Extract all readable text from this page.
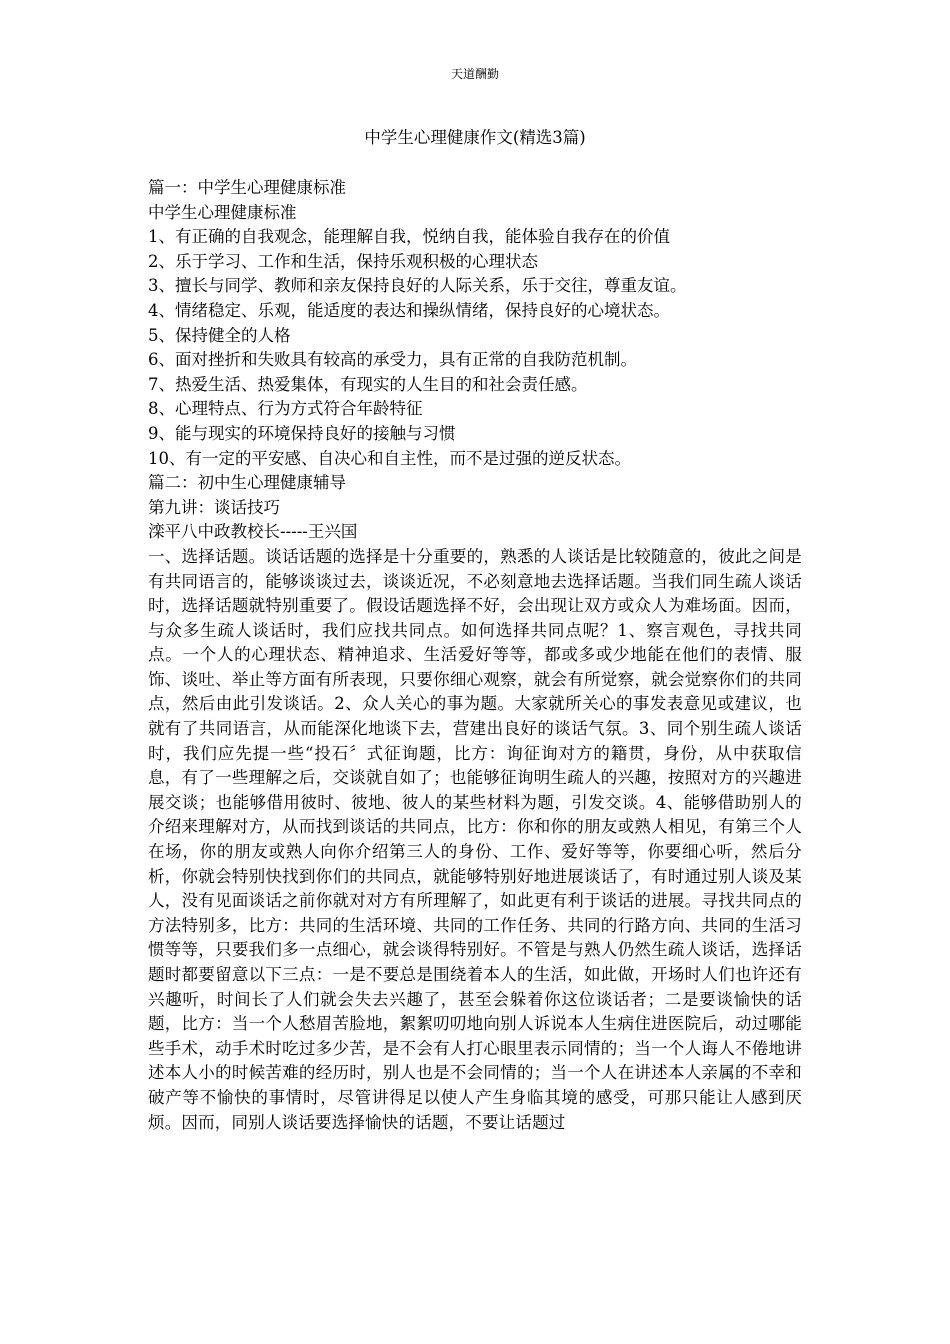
天道酬勤
中学生心理健康作文(精选3篇)
篇一：中学生心理健康标准
中学生心理健康标准
1、有正确的自我观念，能理解自我，悦纳自我，能体验自我存在的价值
2、乐于学习、工作和生活，保持乐观积极的心理状态
3、擅长与同学、教师和亲友保持良好的人际关系，乐于交往，尊重友谊。
4、情绪稳定、乐观，能适度的表达和操纵情绪，保持良好的心境状态。
5、保持健全的人格
6、面对挫折和失败具有较高的承受力，具有正常的自我防范机制。
7、热爱生活、热爱集体，有现实的人生目的和社会责任感。
8、心理特点、行为方式符合年龄特征
9、能与现实的环境保持良好的接触与习惯
10、有一定的平安感、自决心和自主性，而不是过强的逆反状态。
篇二：初中生心理健康辅导
第九讲：谈话技巧
滦平八中政教校长-----王兴国
一、选择话题。谈话话题的选择是十分重要的，熟悉的人谈话是比较随意的，彼此之间是有共同语言的，能够谈谈过去，谈谈近况，不必刻意地去选择话题。当我们同生疏人谈话时，选择话题就特别重要了。假设话题选择不好，会出现让双方或众人为难场面。因而，与众多生疏人谈话时，我们应找共同点。如何选择共同点呢？1、察言观色，寻找共同点。一个人的心理状态、精神追求、生活爱好等等，都或多或少地能在他们的表情、服饰、谈吐、举止等方面有所表现，只要你细心观察，就会有所觉察，就会觉察你们的共同点，然后由此引发谈话。2、众人关心的事为题。大家就所关心的事发表意见或建议，也就有了共同语言，从而能深化地谈下去，营建出良好的谈话气氛。3、同个别生疏人谈话时，我们应先提一些“投石〞式征询题，比方：询征询对方的籍贯，身份，从中获取信息，有了一些理解之后，交谈就自如了；也能够征询明生疏人的兴趣，按照对方的兴趣进展交谈；也能够借用彼时、彼地、彼人的某些材料为题，引发交谈。4、能够借助别人的介绍来理解对方，从而找到谈话的共同点，比方：你和你的朋友或熟人相见，有第三个人在场，你的朋友或熟人向你介绍第三人的身份、工作、爱好等等，你要细心听，然后分析，你就会特别快找到你们的共同点，就能够特别好地进展谈话了，有时通过别人谈及某人，没有见面谈话之前你就对对方有所理解了，如此更有利于谈话的进展。寻找共同点的方法特别多，比方：共同的生活环境、共同的工作任务、共同的行路方向、共同的生活习惯等等，只要我们多一点细心，就会谈得特别好。不管是与熟人仍然生疏人谈话，选择话题时都要留意以下三点：一是不要总是围绕着本人的生活，如此做，开场时人们也许还有兴趣听，时间长了人们就会失去兴趣了，甚至会躲着你这位谈话者；二是要谈愉快的话题，比方：当一个人愁眉苦脸地，絮絮叨叨地向别人诉说本人生病住进医院后，动过哪能些手术，动手术时吃过多少苦，是不会有人打心眼里表示同情的；当一个人诲人不倦地讲述本人小的时候苦难的经历时，别人也是不会同情的；当一个人在讲述本人亲属的不幸和破产等不愉快的事情时，尽管讲得足以使人产生身临其境的感受，可那只能让人感到厌烦。因而，同别人谈话要选择愉快的话题，不要让话题过
